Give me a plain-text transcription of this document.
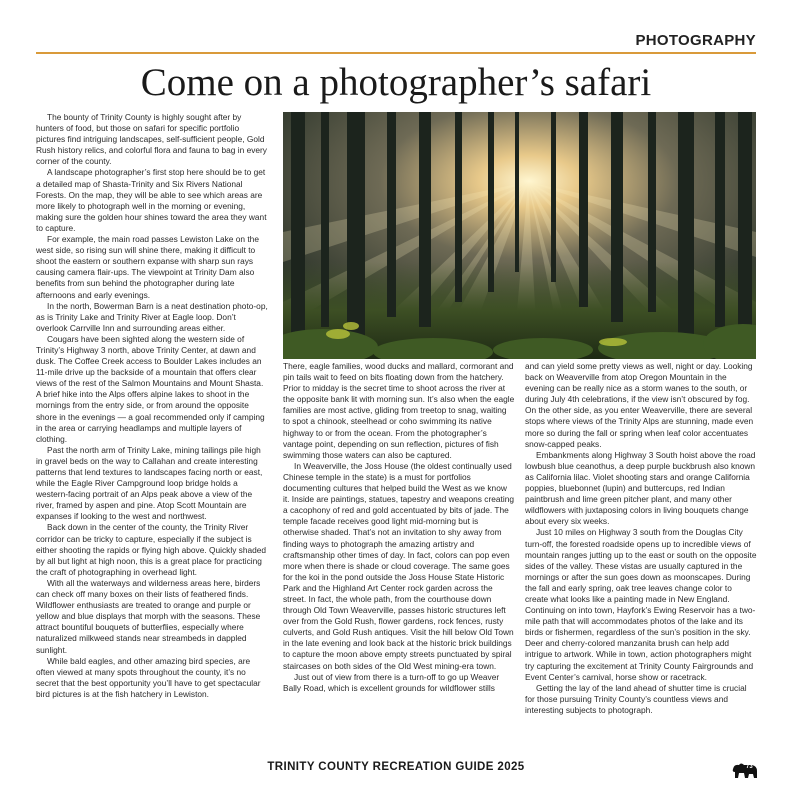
PHOTOGRAPHY
Come on a photographer’s safari

The bounty of Trinity County is highly sought after by hunters of food, but those on safari for specific portfolio pictures find intriguing landscapes, self-sufficient people, Gold Rush history relics, and colorful flora and fauna to bag in every corner of the county.

A landscape photographer’s first stop here should be to get a detailed map of Shasta-Trinity and Six Rivers National Forests. On the map, they will be able to see which areas are more likely to photograph well in the morning or evening, making sure the golden hour shines toward the area they want to capture.

For example, the main road passes Lewiston Lake on the west side, so rising sun will shine there, making it difficult to shoot the eastern or southern expanse with sharp sun rays causing camera flair-ups. The viewpoint at Trinity Dam also benefits from sun behind the photographer during late afternoons and early evenings.

In the north, Bowerman Barn is a neat destination photo-op, as is Trinity Lake and Trinity River at Eagle loop. Don’t overlook Carrville Inn and surrounding areas either.

Cougars have been sighted along the western side of Trinity’s Highway 3 north, above Trinity Center, at dawn and dusk. The Coffee Creek access to Boulder Lakes includes an 11-mile drive up the backside of a mountain that offers clear views of the rest of the Salmon Mountains and Mount Shasta. A brief hike into the Alps offers alpine lakes to shoot in the mornings from the entry side, or from around the opposite shore in the evenings — a goal recommended only if camping in the area or carrying headlamps and multiple layers of clothing.

Past the north arm of Trinity Lake, mining tailings pile high in gravel beds on the way to Callahan and create interesting patterns that lend textures to landscapes facing north or east, while the Eagle River Campground loop bridge holds a western-facing portrait of an Alps peak above a view of the river, framed by aspen and pine. Atop Scott Mountain are expanses if looking to the west and northwest.

Back down in the center of the county, the Trinity River corridor can be tricky to capture, especially if the subject is either shooting the rapids or flying high above. Quickly shaded by all but light at high noon, this is a great place for practicing the craft of photographing in overhead light.

With all the waterways and wilderness areas here, birders can check off many boxes on their lists of feathered finds. Wildflower enthusiasts are treated to orange and purple or yellow and blue displays that morph with the seasons. These attract bountiful bouquets of butterflies, especially where naturalized milkweed stands near streambeds in dappled sunlight.

While bald eagles, and other amazing bird species, are often viewed at many spots throughout the county, it’s no secret that the best opportunity you’ll have to get spectacular bird pictures is at the fish hatchery in Lewiston.

There, eagle families, wood ducks and mallard, cormorant and pin tails wait to feed on bits floating down from the hatchery. Prior to midday is the secret time to shoot across the river at the opposite bank lit with morning sun. It’s also when the eagle families are most active, gliding from treetop to snag, waiting to spot a chinook, steelhead or coho swimming its native highway to or from the ocean. From the photographer’s vantage point, depending on sun reflection, pictures of fish swimming those waters can also be captured.

In Weaverville, the Joss House (the oldest continually used Chinese temple in the state) is a must for portfolios documenting cultures that helped build the West as we know it. Inside are paintings, statues, tapestry and weapons creating a cacophony of red and gold accentuated by bits of jade. The temple facade receives good light mid-morning but is otherwise shaded. That’s not an invitation to shy away from finding ways to photograph the amazing artistry and craftsmanship other times of day. In fact, colors can pop even more when there is shade or cloud coverage. The same goes for the koi in the pond outside the Joss House State Historic Park and the Highland Art Center rock garden across the street. In fact, the whole path, from the courthouse down through Old Town Weaverville, passes historic structures left over from the Gold Rush, flower gardens, rock fences, rusty culverts, and Gold Rush antiques. Visit the hill below Old Town in the late evening and look back at the historic brick buildings to capture the moon above empty streets punctuated by spiral staircases on both sides of the Old West mining-era town.

Just out of view from there is a turn-off to go up Weaver Bally Road, which is excellent grounds for wildflower stills

and can yield some pretty views as well, night or day. Looking back on Weaverville from atop Oregon Mountain in the evening can be really nice as a storm wanes to the south, or during July 4th celebrations, if the view isn’t obscured by fog. On the other side, as you enter Weaverville, there are several stops where views of the Trinity Alps are stunning, made even more so during the fall or spring when leaf color accentuates snow-capped peaks.

Embankments along Highway 3 South hoist above the road lowbush blue ceanothus, a deep purple buckbrush also known as California lilac. Violet shooting stars and orange California poppies, bluebonnet (lupin) and buttercups, red Indian paintbrush and lime green pitcher plant, and many other wildflowers with juxtaposing colors in living bouquets change about every six weeks.

Just 10 miles on Highway 3 south from the Douglas City turn-off, the forested roadside opens up to incredible views of mountain ranges jutting up to the east or south on the opposite sides of the valley. These vistas are usually captured in the mornings or after the sun goes down as moonscapes. During the fall and early spring, oak tree leaves change color to create what looks like a painting made in New England. Continuing on into town, Hayfork’s Ewing Reservoir has a two-mile path that will accommodates photos of the lake and its birds or fishermen, regardless of the sun’s position in the sky. Deer and cherry-colored manzanita brush can help add intrigue to artwork. While in town, action photographers might try capturing the excitement at Trinity County Fairgrounds and Event Center’s carnival, horse show or racetrack.

Getting the lay of the land ahead of shutter time is crucial for those pursuing Trinity County’s countless views and interesting subjects to photograph.

TRINITY COUNTY RECREATION GUIDE 2025	73
